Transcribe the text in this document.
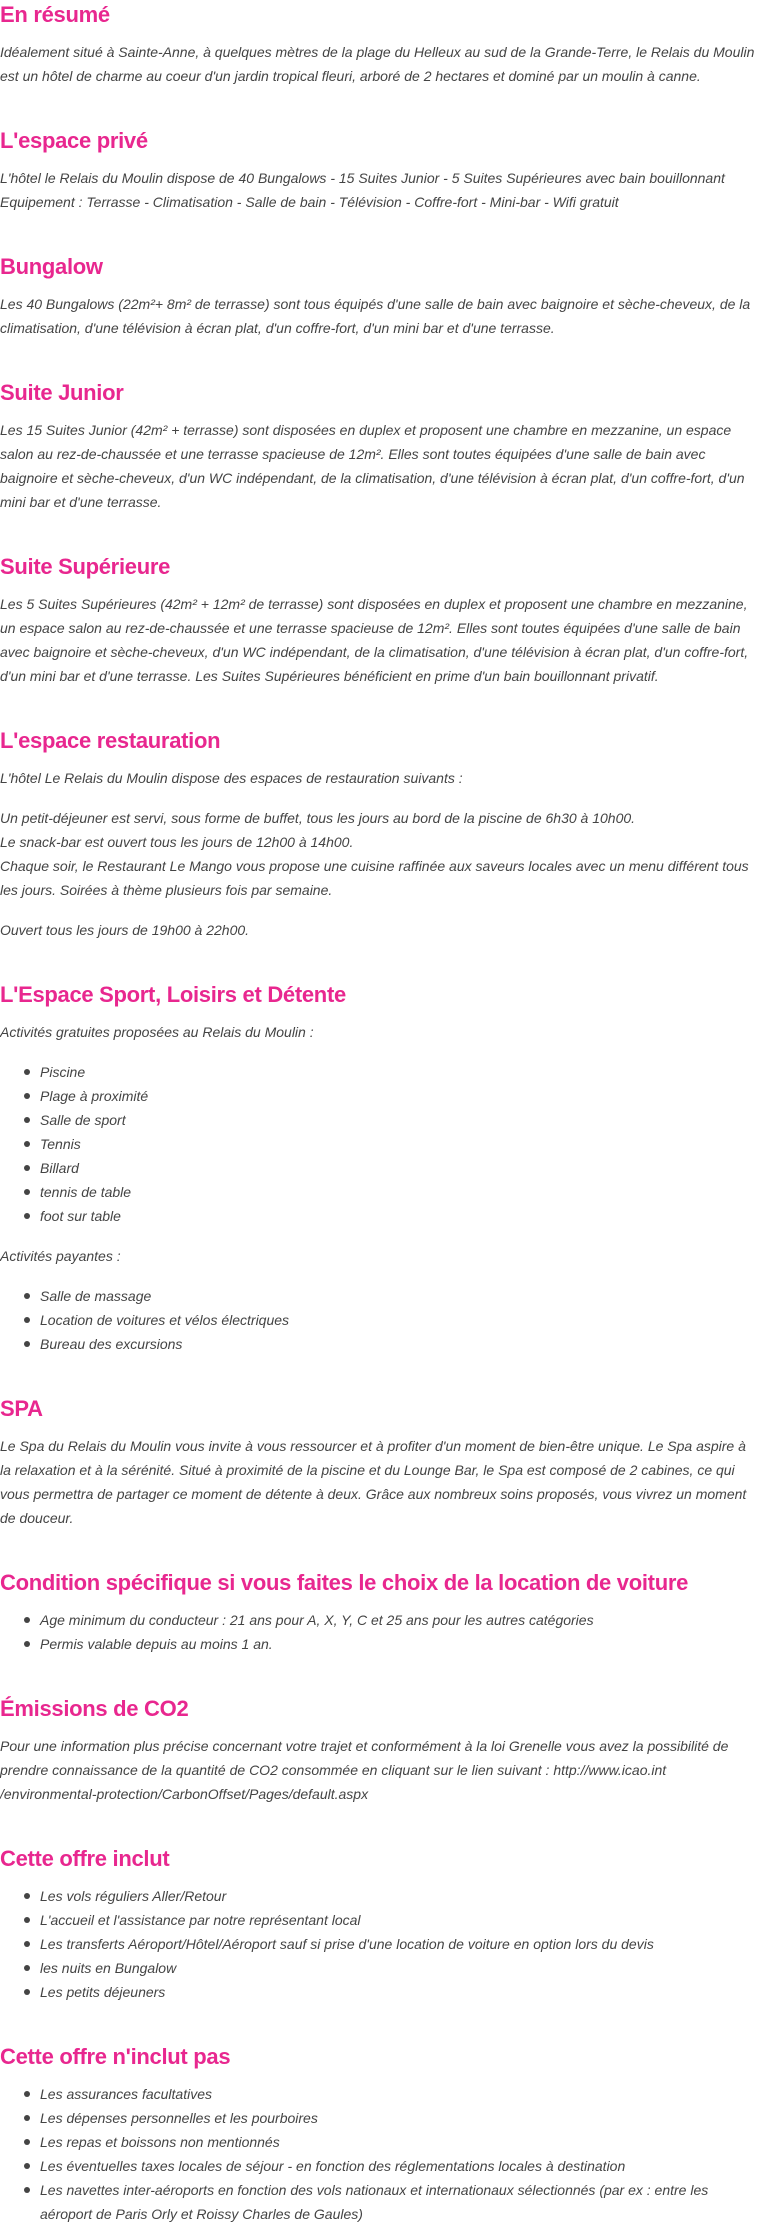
En résumé

Idéalement situé à Sainte-Anne, à quelques mètres de la plage du Helleux au sud de la Grande-Terre, le Relais du Moulin est un hôtel de charme au coeur d'un jardin tropical fleuri, arboré de 2 hectares et dominé par un moulin à canne.

L'espace privé
L'hôtel le Relais du Moulin dispose de 40 Bungalows - 15 Suites Junior - 5 Suites Supérieures avec bain bouillonnant
Equipement : Terrasse - Climatisation - Salle de bain - Télévision - Coffre-fort - Mini-bar - Wifi gratuit
Bungalow

Les 40 Bungalows (22m²+ 8m² de terrasse) sont tous équipés d'une salle de bain avec baignoire et sèche-cheveux, de la climatisation, d'une télévision à écran plat, d'un coffre-fort, d'un mini bar et d'une terrasse.

Suite Junior

Les 15 Suites Junior (42m² + terrasse) sont disposées en duplex et proposent une chambre en mezzanine, un espace salon au rez-de-chaussée et une terrasse spacieuse de 12m². Elles sont toutes équipées d'une salle de bain avec baignoire et sèche-cheveux, d'un WC indépendant, de la climatisation, d'une télévision à écran plat, d'un coffre-fort, d'un mini bar et d'une terrasse.

Suite Supérieure

Les 5 Suites Supérieures (42m² + 12m² de terrasse) sont disposées en duplex et proposent une chambre en mezzanine, un espace salon au rez-de-chaussée et une terrasse spacieuse de 12m². Elles sont toutes équipées d'une salle de bain avec baignoire et sèche-cheveux, d'un WC indépendant, de la climatisation, d'une télévision à écran plat, d'un coffre-fort, d'un mini bar et d'une terrasse. Les Suites Supérieures bénéficient en prime d'un bain bouillonnant privatif.

L'espace restauration

L'hôtel Le Relais du Moulin dispose des espaces de restauration suivants :

Un petit-déjeuner est servi, sous forme de buffet, tous les jours au bord de la piscine de 6h30 à 10h00.
Le snack-bar est ouvert tous les jours de 12h00 à 14h00.
Chaque soir, le Restaurant Le Mango vous propose une cuisine raffinée aux saveurs locales avec un menu différent tous les jours. Soirées à thème plusieurs fois par semaine.

Ouvert tous les jours de 19h00 à 22h00.

L'Espace Sport, Loisirs et Détente

Activités gratuites proposées au Relais du Moulin :

Piscine
Plage à proximité
Salle de sport
Tennis
Billard
tennis de table
foot sur table

Activités payantes :

Salle de massage
Location de voitures et vélos électriques
Bureau des excursions
SPA

Le Spa du Relais du Moulin vous invite à vous ressourcer et à profiter d'un moment de bien-être unique. Le Spa aspire à la relaxation et à la sérénité. Situé à proximité de la piscine et du Lounge Bar, le Spa est composé de 2 cabines, ce qui vous permettra de partager ce moment de détente à deux. Grâce aux nombreux soins proposés, vous vivrez un moment de douceur.

Condition spécifique si vous faites le choix de la location de voiture
Age minimum du conducteur : 21 ans pour A, X, Y, C et 25 ans pour les autres catégories
Permis valable depuis au moins 1 an.
Émissions de CO2

Pour une information plus précise concernant votre trajet et conformément à la loi Grenelle vous avez la possibilité de prendre connaissance de la quantité de CO2 consommée en cliquant sur le lien suivant : http://www.icao.int /environmental-protection/CarbonOffset/Pages/default.aspx

Cette offre inclut
Les vols réguliers Aller/Retour
L'accueil et l'assistance par notre représentant local
Les transferts Aéroport/Hôtel/Aéroport sauf si prise d'une location de voiture en option lors du devis
les nuits en Bungalow
Les petits déjeuners
Cette offre n'inclut pas
Les assurances facultatives
Les dépenses personnelles et les pourboires
Les repas et boissons non mentionnés
Les éventuelles taxes locales de séjour - en fonction des réglementations locales à destination
Les navettes inter-aéroports en fonction des vols nationaux et internationaux sélectionnés (par ex : entre les aéroport de Paris Orly et Roissy Charles de Gaules)
